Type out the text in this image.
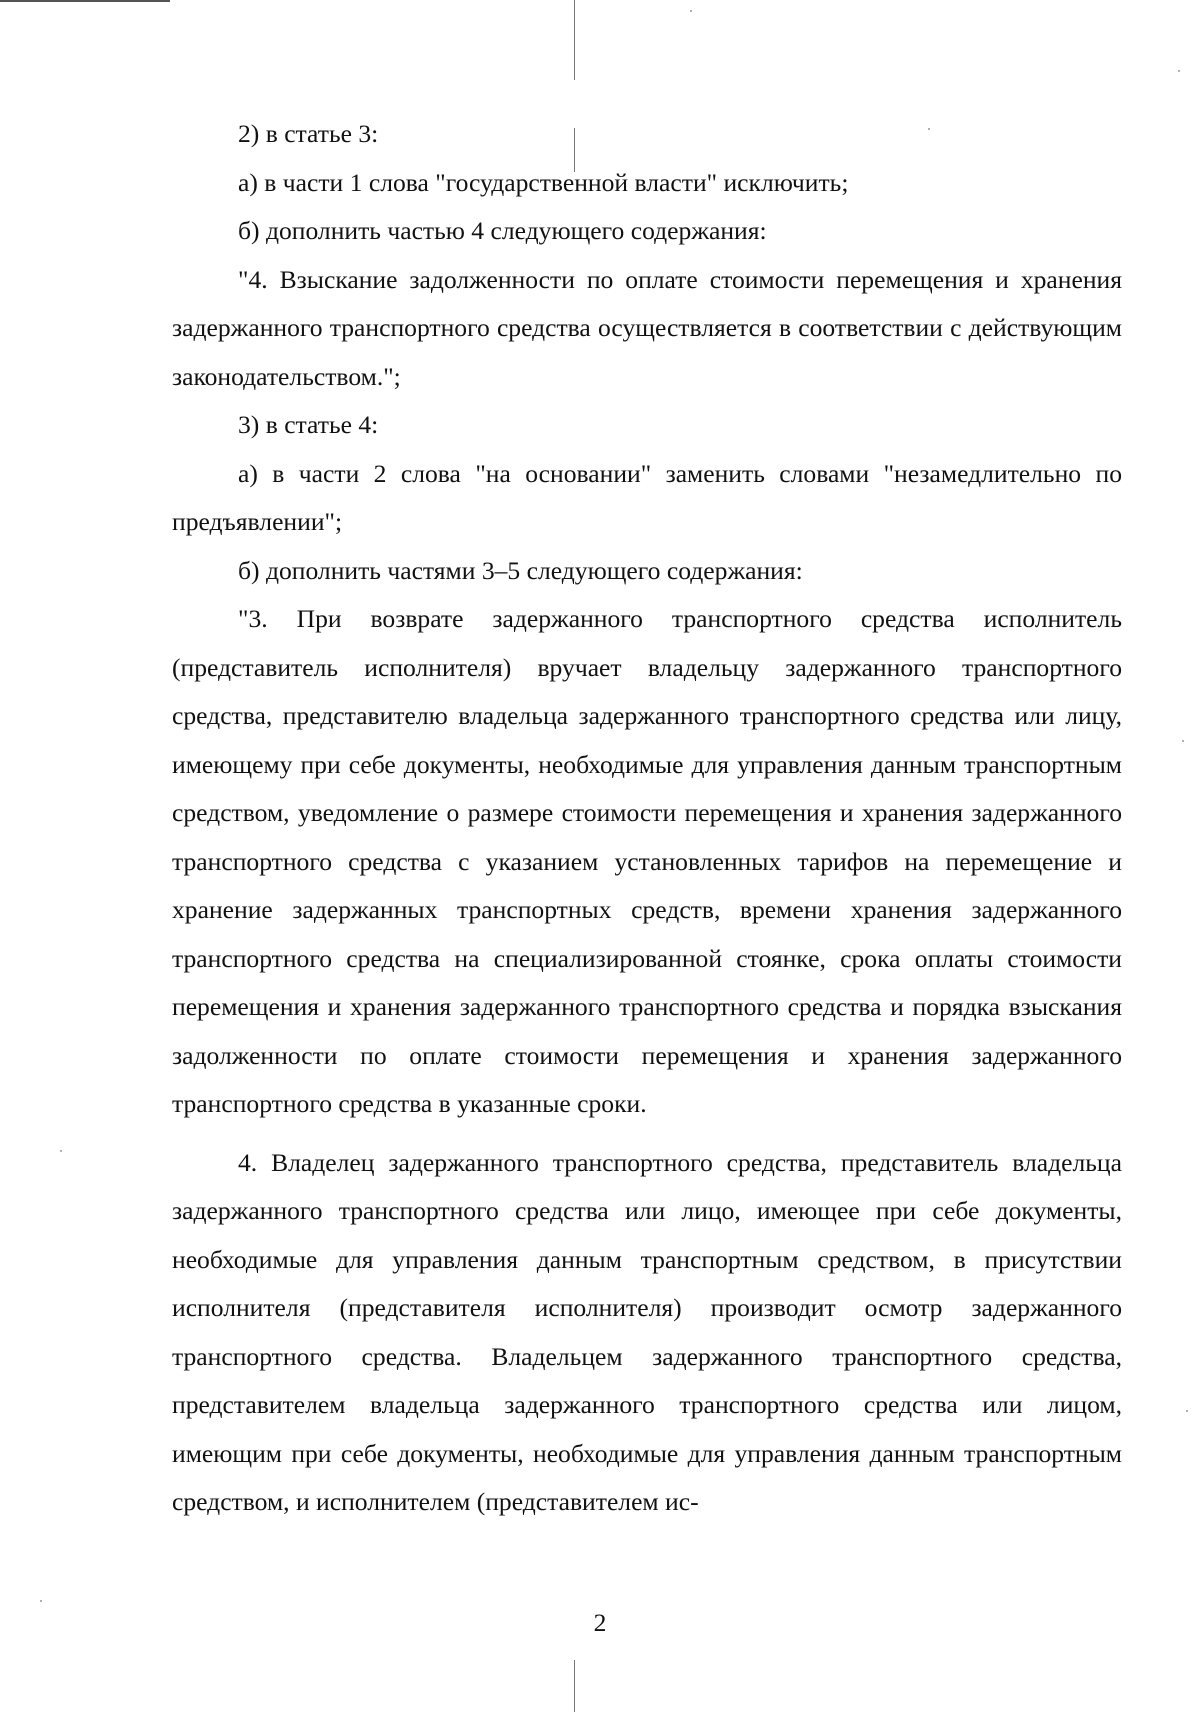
2) в статье 3:

а) в части 1 слова "государственной власти" исключить;

б) дополнить частью 4 следующего содержания:

"4. Взыскание задолженности по оплате стоимости перемещения и хранения задержанного транспортного средства осуществляется в соответствии с действующим законодательством.";

3) в статье 4:

а) в части 2 слова "на основании" заменить словами "незамедлительно по предъявлении";

б) дополнить частями 3–5 следующего содержания:

"3. При возврате задержанного транспортного средства исполнитель (представитель исполнителя) вручает владельцу задержанного транспортного средства, представителю владельца задержанного транспортного средства или лицу, имеющему при себе документы, необходимые для управления данным транспортным средством, уведомление о размере стоимости перемещения и хранения задержанного транспортного средства с указанием установленных тарифов на перемещение и хранение задержанных транспортных средств, времени хранения задержанного транспортного средства на специализированной стоянке, срока оплаты стоимости перемещения и хранения задержанного транспортного средства и порядка взыскания задолженности по оплате стоимости перемещения и хранения задержанного транспортного средства в указанные сроки.

4. Владелец задержанного транспортного средства, представитель владельца задержанного транспортного средства или лицо, имеющее при себе документы, необходимые для управления данным транспортным средством, в присутствии исполнителя (представителя исполнителя) производит осмотр задержанного транспортного средства. Владельцем задержанного транспортного средства, представителем владельца задержанного транспортного средства или лицом, имеющим при себе документы, необходимые для управления данным транспортным средством, и исполнителем (представителем ис-

2
